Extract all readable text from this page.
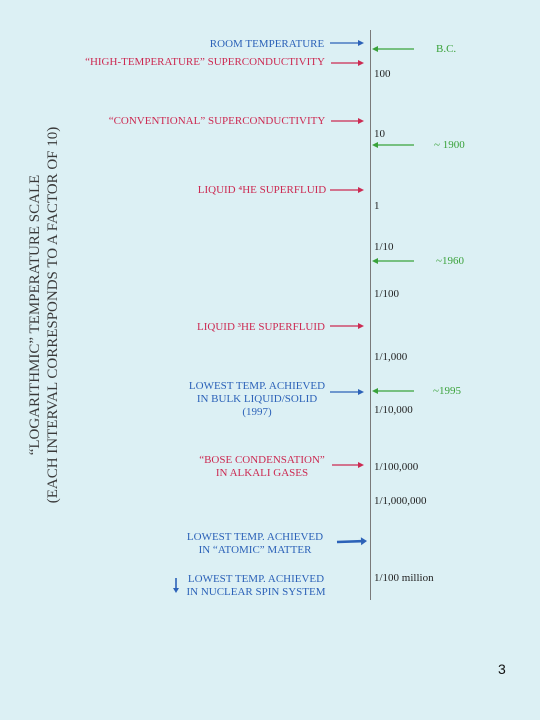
“LOGARITHMIC” TEMPERATURE SCALE (EACH INTERVAL CORRESPONDS TO A FACTOR OF 10)
3
ROOM TEMPERATURE
“HIGH-TEMPERATURE” SUPERCONDUCTIVITY
“CONVENTIONAL” SUPERCONDUCTIVITY
LIQUID ⁴HE SUPERFLUID
LIQUID ³HE SUPERFLUID
LOWEST TEMP. ACHIEVED
IN BULK LIQUID/SOLID
(1997)
“BOSE CONDENSATION”
IN ALKALI GASES
LOWEST TEMP. ACHIEVED
IN “ATOMIC” MATTER
LOWEST TEMP. ACHIEVED
IN NUCLEAR SPIN SYSTEM
100
10
1
1/10
1/100
1/1,000
1/10,000
1/100,000
1/1,000,000
1/100 million
B.C.
~ 1900
~1960
~1995
